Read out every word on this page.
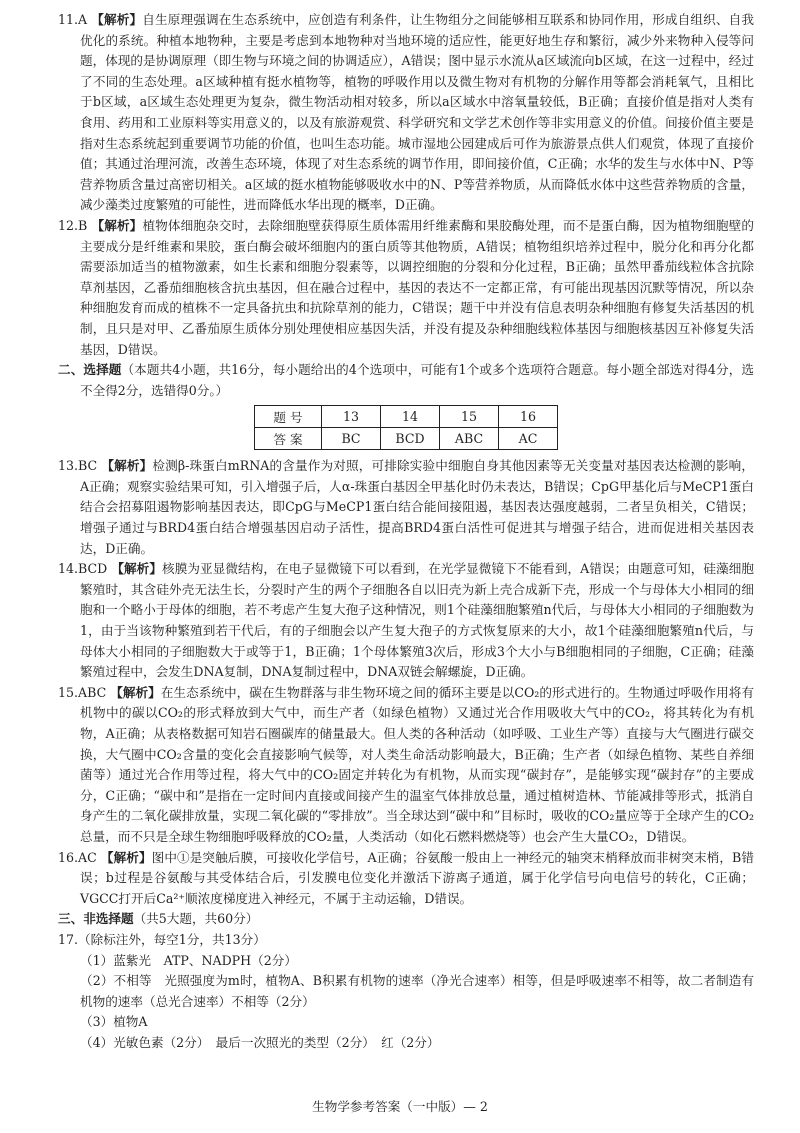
11.A 【解析】自生原理强调在生态系统中，应创造有利条件，让生物组分之间能够相互联系和协同作用，形成自组织、自我优化的系统。种植本地物种，主要是考虑到本地物种对当地环境的适应性，能更好地生存和繁衍，减少外来物种入侵等问题，体现的是协调原理（即生物与环境之间的协调适应），A错误；图中显示水流从a区域流向b区域，在这一过程中，经过了不同的生态处理。a区域种植有挺水植物等，植物的呼吸作用以及微生物对有机物的分解作用等都会消耗氧气，且相比于b区域，a区域生态处理更为复杂，微生物活动相对较多，所以a区域水中溶氧量较低，B正确；直接价值是指对人类有食用、药用和工业原料等实用意义的，以及有旅游观赏、科学研究和文学艺术创作等非实用意义的价值。间接价值主要是指对生态系统起到重要调节功能的价值，也叫生态功能。城市湿地公园建成后可作为旅游景点供人们观赏，体现了直接价值；其通过治理河流，改善生态环境，体现了对生态系统的调节作用，即间接价值，C正确；水华的发生与水体中N、P等营养物质含量过高密切相关。a区域的挺水植物能够吸收水中的N、P等营养物质，从而降低水体中这些营养物质的含量，减少藻类过度繁殖的可能性，进而降低水华出现的概率，D正确。

12.B 【解析】植物体细胞杂交时，去除细胞壁获得原生质体需用纤维素酶和果胶酶处理，而不是蛋白酶，因为植物细胞壁的主要成分是纤维素和果胶，蛋白酶会破坏细胞内的蛋白质等其他物质，A错误；植物组织培养过程中，脱分化和再分化都需要添加适当的植物激素，如生长素和细胞分裂素等，以调控细胞的分裂和分化过程，B正确；虽然甲番茄线粒体含抗除草剂基因，乙番茄细胞核含抗虫基因，但在融合过程中，基因的表达不一定都正常，有可能出现基因沉默等情况，所以杂种细胞发育而成的植株不一定具备抗虫和抗除草剂的能力，C错误；题干中并没有信息表明杂种细胞有修复失活基因的机制，且只是对甲、乙番茄原生质体分别处理使相应基因失活，并没有提及杂种细胞线粒体基因与细胞核基因互补修复失活基因，D错误。

二、选择题（本题共4小题，共16分，每小题给出的4个选项中，可能有1个或多个选项符合题意。每小题全部选对得4分，选不全得2分，选错得0分。）

题 号	13	14	15	16
答 案	BC	BCD	ABC	AC

13.BC 【解析】检测β-珠蛋白mRNA的含量作为对照，可排除实验中细胞自身其他因素等无关变量对基因表达检测的影响，A正确；观察实验结果可知，引入增强子后，人α-珠蛋白基因全甲基化时仍未表达，B错误；CpG甲基化后与MeCP1蛋白结合会招募阻遏物影响基因表达，即CpG与MeCP1蛋白结合能间接阻遏，基因表达强度越弱，二者呈负相关，C错误；增强子通过与BRD4蛋白结合增强基因启动子活性，提高BRD4蛋白活性可促进其与增强子结合，进而促进相关基因表达，D正确。

14.BCD 【解析】核膜为亚显微结构，在电子显微镜下可以看到，在光学显微镜下不能看到，A错误；由题意可知，硅藻细胞繁殖时，其含硅外壳无法生长，分裂时产生的两个子细胞各自以旧壳为新上壳合成新下壳，形成一个与母体大小相同的细胞和一个略小于母体的细胞，若不考虑产生复大孢子这种情况，则1个硅藻细胞繁殖n代后，与母体大小相同的子细胞数为1，由于当该物种繁殖到若干代后，有的子细胞会以产生复大孢子的方式恢复原来的大小，故1个硅藻细胞繁殖n代后，与母体大小相同的子细胞数大于或等于1，B正确；1个母体繁殖3次后，形成3个大小与B细胞相同的子细胞，C正确；硅藻繁殖过程中，会发生DNA复制，DNA复制过程中，DNA双链会解螺旋，D正确。

15.ABC 【解析】在生态系统中，碳在生物群落与非生物环境之间的循环主要是以CO₂的形式进行的。生物通过呼吸作用将有机物中的碳以CO₂的形式释放到大气中，而生产者（如绿色植物）又通过光合作用吸收大气中的CO₂，将其转化为有机物，A正确；从表格数据可知岩石圈碳库的储量最大。但人类的各种活动（如呼吸、工业生产等）直接与大气圈进行碳交换，大气圈中CO₂含量的变化会直接影响气候等，对人类生命活动影响最大，B正确；生产者（如绿色植物、某些自养细菌等）通过光合作用等过程，将大气中的CO₂固定并转化为有机物，从而实现“碳封存”，是能够实现“碳封存”的主要成分，C正确；“碳中和”是指在一定时间内直接或间接产生的温室气体排放总量，通过植树造林、节能减排等形式，抵消自身产生的二氧化碳排放量，实现二氧化碳的“零排放”。当全球达到“碳中和”目标时，吸收的CO₂量应等于全球产生的CO₂总量，而不只是全球生物细胞呼吸释放的CO₂量，人类活动（如化石燃料燃烧等）也会产生大量CO₂，D错误。

16.AC 【解析】图中①是突触后膜，可接收化学信号，A正确；谷氨酸一般由上一神经元的轴突末梢释放而非树突末梢，B错误；b过程是谷氨酸与其受体结合后，引发膜电位变化并激活下游离子通道，属于化学信号向电信号的转化，C正确；VGCC打开后Ca²⁺顺浓度梯度进入神经元，不属于主动运输，D错误。

三、非选择题（共5大题，共60分）

17.（除标注外，每空1分，共13分）

（1）蓝紫光　ATP、NADPH（2分）

（2）不相等　光照强度为m时，植物A、B积累有机物的速率（净光合速率）相等，但是呼吸速率不相等，故二者制造有机物的速率（总光合速率）不相等（2分）

（3）植物A

（4）光敏色素（2分）　最后一次照光的类型（2分）　红（2分）

生物学参考答案（一中版）— 2
